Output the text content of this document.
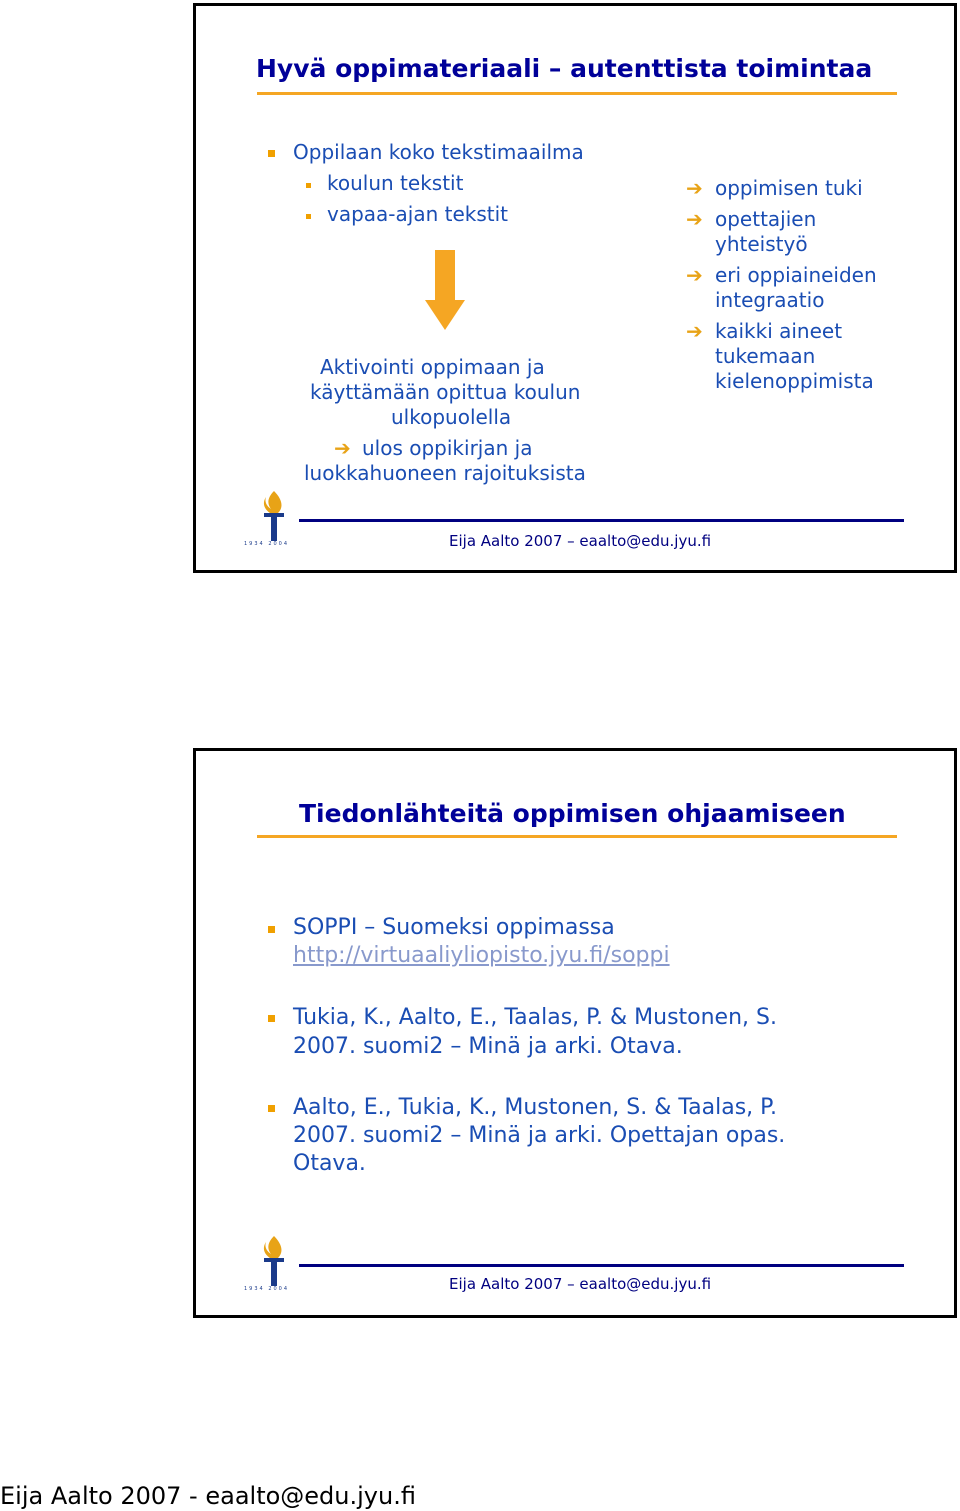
Hyvä oppimateriaali – autenttista toimintaa
Oppilaan koko tekstimaailma
koulun tekstit
vapaa-ajan tekstit
Aktivointi oppimaan ja
käyttämään opittua koulun
ulkopuolella
➔ ulos oppikirjan ja
luokkahuoneen rajoituksista
➔ oppimisen tuki
➔ opettajien
yhteistyö
➔ eri oppiaineiden
integraatio
➔ kaikki aineet
tukemaan
kielenoppimista
1934 2004	Eija Aalto 2007 – eaalto@edu.jyu.fi
Tiedonlähteitä oppimisen ohjaamiseen
SOPPI – Suomeksi oppimassa
http://virtuaaliyliopisto.jyu.fi/soppi
Tukia, K., Aalto, E., Taalas, P. & Mustonen, S.
2007. suomi2 – Minä ja arki. Otava.
Aalto, E., Tukia, K., Mustonen, S. & Taalas, P.
2007. suomi2 – Minä ja arki. Opettajan opas.
Otava.
1934 2004	Eija Aalto 2007 – eaalto@edu.jyu.fi
Eija Aalto 2007 - eaalto@edu.jyu.fi
